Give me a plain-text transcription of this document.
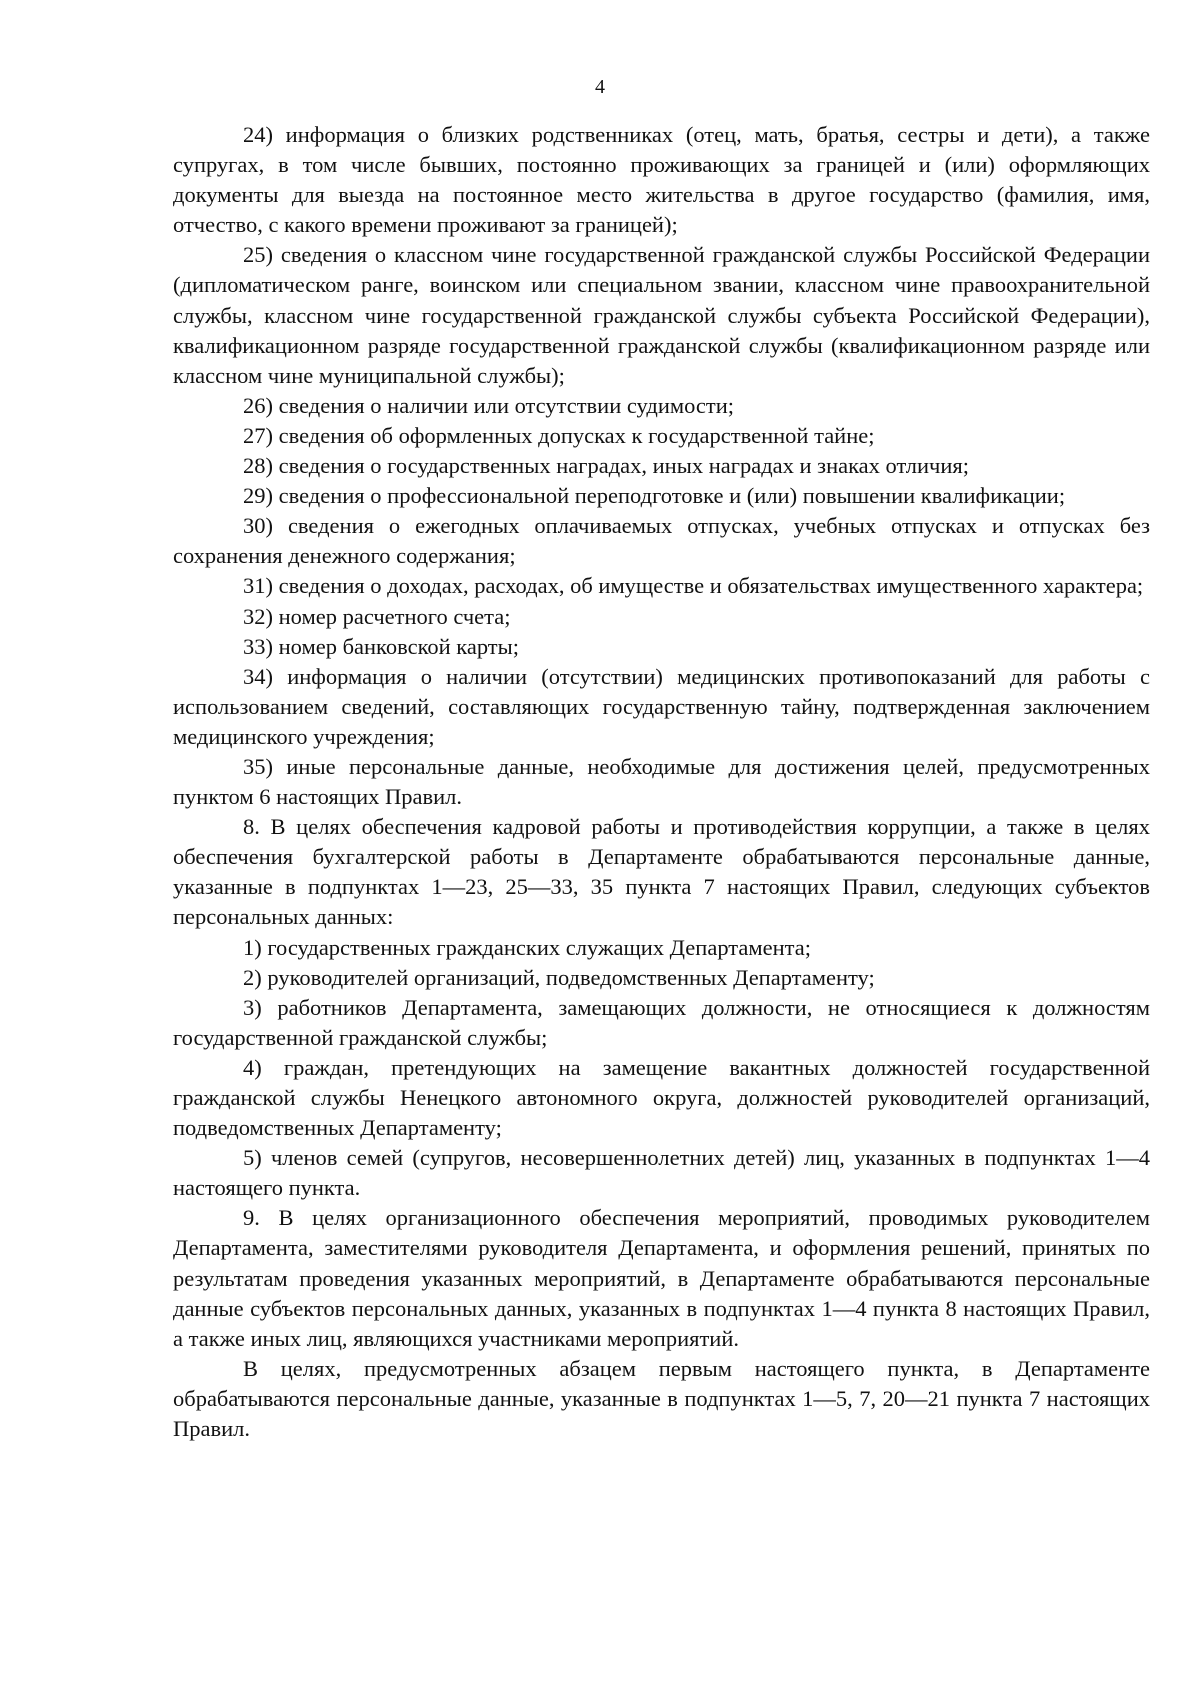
4

24) информация о близких родственниках (отец, мать, братья, сестры и дети), а также супругах, в том числе бывших, постоянно проживающих за границей и (или) оформляющих документы для выезда на постоянное место жительства в другое государство (фамилия, имя, отчество, с какого времени проживают за границей);

25) сведения о классном чине государственной гражданской службы Российской Федерации (дипломатическом ранге, воинском или специальном звании, классном чине правоохранительной службы, классном чине государственной гражданской службы субъекта Российской Федерации), квалификационном разряде государственной гражданской службы (квалификационном разряде или классном чине муниципальной службы);

26) сведения о наличии или отсутствии судимости;

27) сведения об оформленных допусках к государственной тайне;

28) сведения о государственных наградах, иных наградах и знаках отличия;

29) сведения о профессиональной переподготовке и (или) повышении квалификации;

30) сведения о ежегодных оплачиваемых отпусках, учебных отпусках и отпусках без сохранения денежного содержания;

31) сведения о доходах, расходах, об имуществе и обязательствах имущественного характера;

32) номер расчетного счета;

33) номер банковской карты;

34) информация о наличии (отсутствии) медицинских противопоказаний для работы с использованием сведений, составляющих государственную тайну, подтвержденная заключением медицинского учреждения;

35) иные персональные данные, необходимые для достижения целей, предусмотренных пунктом 6 настоящих Правил.

8. В целях обеспечения кадровой работы и противодействия коррупции, а также в целях обеспечения бухгалтерской работы в Департаменте обрабатываются персональные данные, указанные в подпунктах 1—23, 25—33, 35 пункта 7 настоящих Правил, следующих субъектов персональных данных:

1) государственных гражданских служащих Департамента;

2) руководителей организаций, подведомственных Департаменту;

3) работников Департамента, замещающих должности, не относящиеся к должностям государственной гражданской службы;

4) граждан, претендующих на замещение вакантных должностей государственной гражданской службы Ненецкого автономного округа, должностей руководителей организаций, подведомственных Департаменту;

5) членов семей (супругов, несовершеннолетних детей) лиц, указанных в подпунктах 1—4 настоящего пункта.

9. В целях организационного обеспечения мероприятий, проводимых руководителем Департамента, заместителями руководителя Департамента, и оформления решений, принятых по результатам проведения указанных мероприятий, в Департаменте обрабатываются персональные данные субъектов персональных данных, указанных в подпунктах 1—4 пункта 8 настоящих Правил, а также иных лиц, являющихся участниками мероприятий.

В целях, предусмотренных абзацем первым настоящего пункта, в Департаменте обрабатываются персональные данные, указанные в подпунктах 1—5, 7, 20—21 пункта 7 настоящих Правил.
